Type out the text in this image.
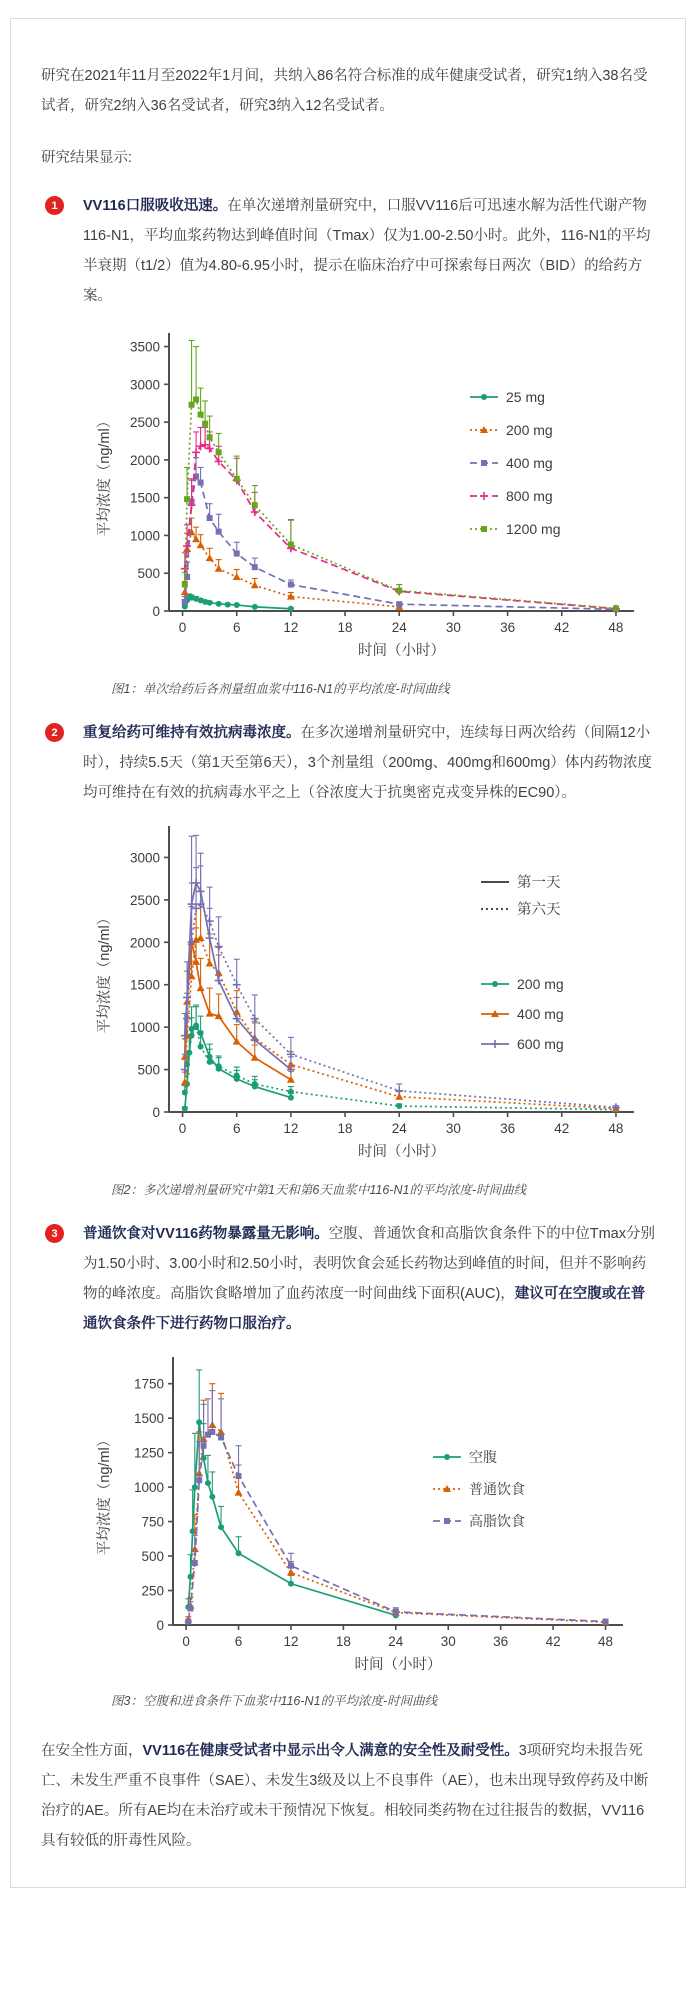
研究在2021年11月至2022年1月间，共纳入86名符合标准的成年健康受试者，研究1纳入38名受试者，研究2纳入36名受试者，研究3纳入12名受试者。

研究结果显示:

1	VV116口服吸收迅速。在单次递增剂量研究中，口服VV116后可迅速水解为活性代谢产物116-N1，平均血浆药物达到峰值时间（Tmax）仅为1.00-2.50小时。此外，116-N1的平均半衰期（t1/2）值为4.80-6.95小时，提示在临床治疗中可探索每日两次（BID）的给药方案。
0
500
1000
1500
2000
2500
3000
3500
0	6	12	18	24	30	36	42	48
时间（小时）
平均浓度（ng/ml）
25 mg
200 mg
400 mg
800 mg
1200 mg

图1：单次给药后各剂量组血浆中116-N1的平均浓度-时间曲线

2	重复给药可维持有效抗病毒浓度。在多次递增剂量研究中，连续每日两次给药（间隔12小时），持续5.5天（第1天至第6天），3个剂量组（200mg、400mg和600mg）体内药物浓度均可维持在有效的抗病毒水平之上（谷浓度大于抗奥密克戎变异株的EC90）。
0
500
1000
1500
2000
2500
3000
0	6	12	18	24	30	36	42	48
时间（小时）
平均浓度（ng/ml）
第一天
第六天
200 mg
400 mg
600 mg

图2：多次递增剂量研究中第1天和第6天血浆中116-N1的平均浓度-时间曲线

3	普通饮食对VV116药物暴露量无影响。空腹、普通饮食和高脂饮食条件下的中位Tmax分别为1.50小时、3.00小时和2.50小时，表明饮食会延长药物达到峰值的时间，但并不影响药物的峰浓度。高脂饮食略增加了血药浓度一时间曲线下面积(AUC)，建议可在空腹或在普通饮食条件下进行药物口服治疗。
0
250
500
750
1000
1250
1500
1750
0	6	12	18	24	30	36	42	48
时间（小时）
平均浓度（ng/ml）	空腹
普通饮食
高脂饮食

图3：空腹和进食条件下血浆中116-N1的平均浓度-时间曲线

在安全性方面，VV116在健康受试者中显示出令人满意的安全性及耐受性。3项研究均未报告死亡、未发生严重不良事件（SAE）、未发生3级及以上不良事件（AE），也未出现导致停药及中断治疗的AE。所有AE均在未治疗或未干预情况下恢复。相较同类药物在过往报告的数据，VV116具有较低的肝毒性风险。
